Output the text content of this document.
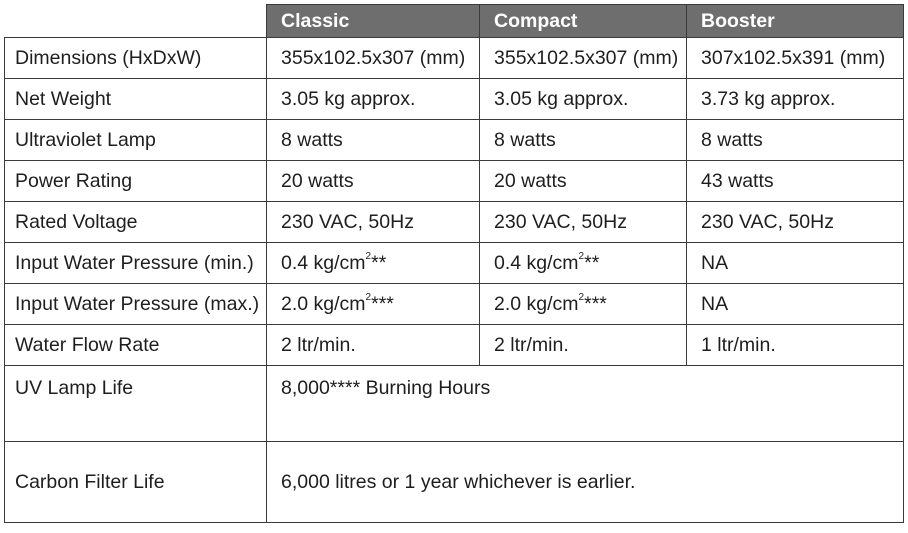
	Classic	Compact	Booster
Dimensions (HxDxW)	355x102.5x307 (mm)	355x102.5x307 (mm)	307x102.5x391 (mm)
Net Weight	3.05 kg approx.	3.05 kg approx.	3.73 kg approx.
Ultraviolet Lamp	8 watts	8 watts	8 watts
Power Rating	20 watts	20 watts	43 watts
Rated Voltage	230 VAC, 50Hz	230 VAC, 50Hz	230 VAC, 50Hz
Input Water Pressure (min.)	0.4 $kg/cm^2**$	0.4 $kg/cm^2**$	NA
Input Water Pressure (max.)	2.0 $kg/cm^2***$	2.0 $kg/cm^2***$	NA
Water Flow Rate	2 ltr/min.	2 ltr/min.	1 ltr/min.
UV Lamp Life	8,000**** Burning Hours		
Carbon Filter Life	6,000 litres or 1 year whichever is earlier.		
